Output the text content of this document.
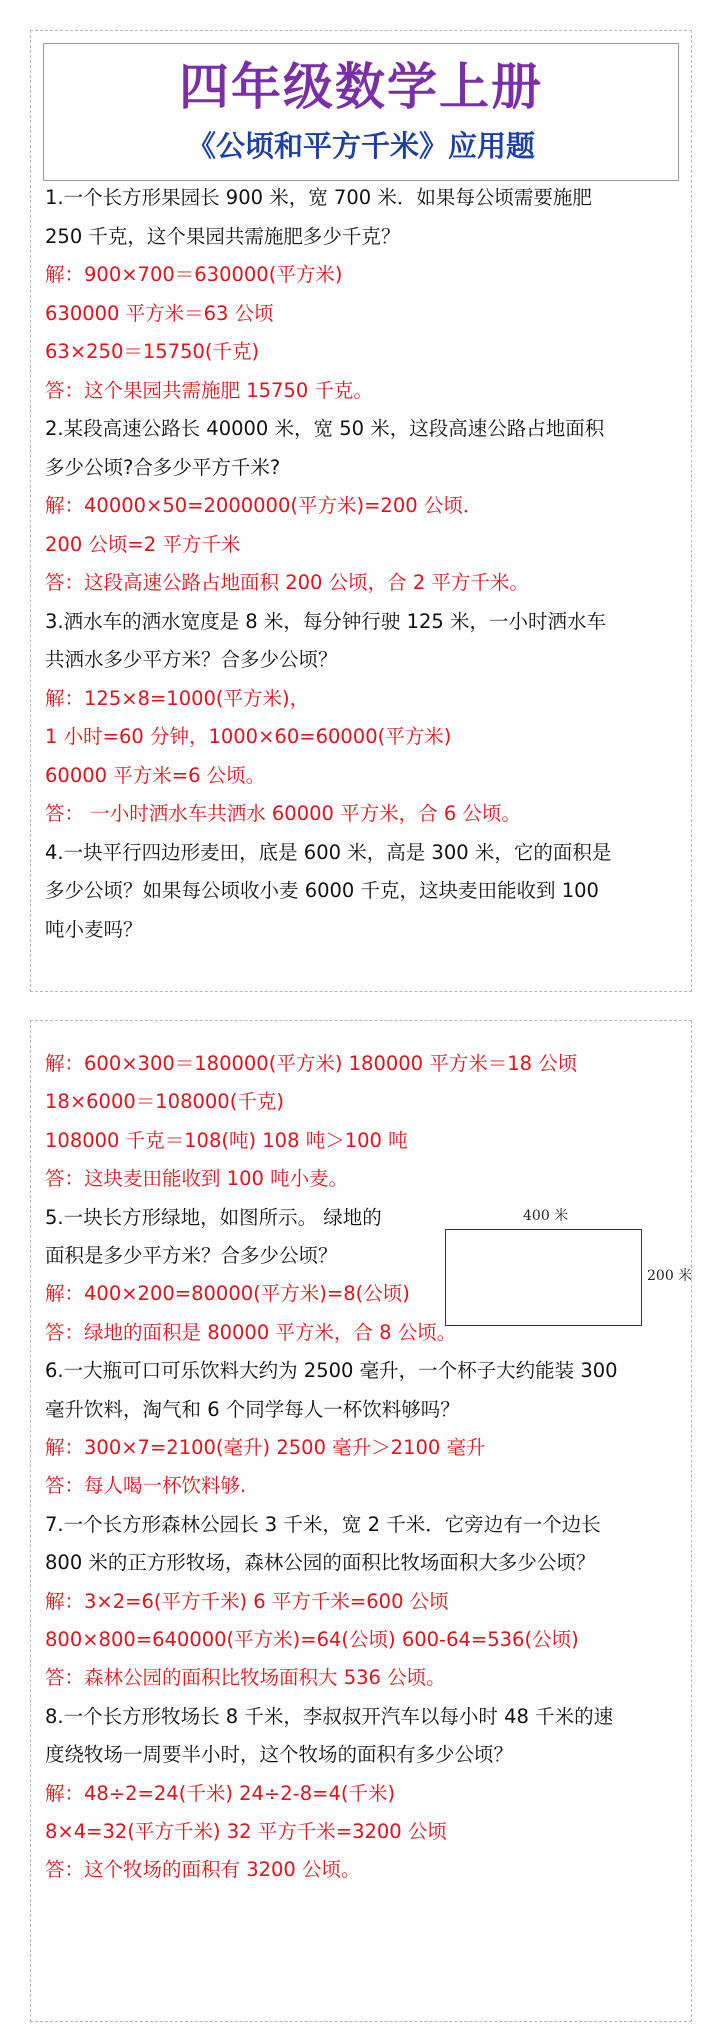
四年级数学上册
《公顷和平方千米》应用题
1.一个长方形果园长 900 米，宽 700 米．如果每公顷需要施肥
250 千克，这个果园共需施肥多少千克？
解：900×700＝630000(平方米)
630000 平方米＝63 公顷
63×250＝15750(千克)
答：这个果园共需施肥 15750 千克。
2.某段高速公路长 40000 米，宽 50 米，这段高速公路占地面积
多少公顷?合多少平方千米?
解：40000×50=2000000(平方米)=200 公顷．
200 公顷=2 平方千米
答：这段高速公路占地面积 200 公顷，合 2 平方千米。
3.洒水车的洒水宽度是 8 米，每分钟行驶 125 米，一小时洒水车
共洒水多少平方米？合多少公顷？
解：125×8=1000(平方米)，
1 小时=60 分钟，1000×60=60000(平方米)
60000 平方米=6 公顷。
答： 一小时洒水车共洒水 60000 平方米，合 6 公顷。
4.一块平行四边形麦田，底是 600 米，高是 300 米，它的面积是
多少公顷？如果每公顷收小麦 6000 千克，这块麦田能收到 100
吨小麦吗？
400 米
200 米
解：600×300＝180000(平方米) 180000 平方米＝18 公顷
18×6000＝108000(千克)
108000 千克＝108(吨) 108 吨＞100 吨
答：这块麦田能收到 100 吨小麦。
5.一块长方形绿地，如图所示。 绿地的
面积是多少平方米？合多少公顷？
解：400×200=80000(平方米)=8(公顷)
答：绿地的面积是 80000 平方米，合 8 公顷。
6.一大瓶可口可乐饮料大约为 2500 毫升，一个杯子大约能装 300
毫升饮料，淘气和 6 个同学每人一杯饮料够吗？
解：300×7=2100(毫升) 2500 毫升＞2100 毫升
答：每人喝一杯饮料够.
7.一个长方形森林公园长 3 千米，宽 2 千米．它旁边有一个边长
800 米的正方形牧场，森林公园的面积比牧场面积大多少公顷？
解：3×2=6(平方千米) 6 平方千米=600 公顷
800×800=640000(平方米)=64(公顷) 600-64=536(公顷)
答：森林公园的面积比牧场面积大 536 公顷。
8.一个长方形牧场长 8 千米，李叔叔开汽车以每小时 48 千米的速
度绕牧场一周要半小时，这个牧场的面积有多少公顷？
解：48÷2=24(千米) 24÷2-8=4(千米)
8×4=32(平方千米) 32 平方千米=3200 公顷
答：这个牧场的面积有 3200 公顷。
